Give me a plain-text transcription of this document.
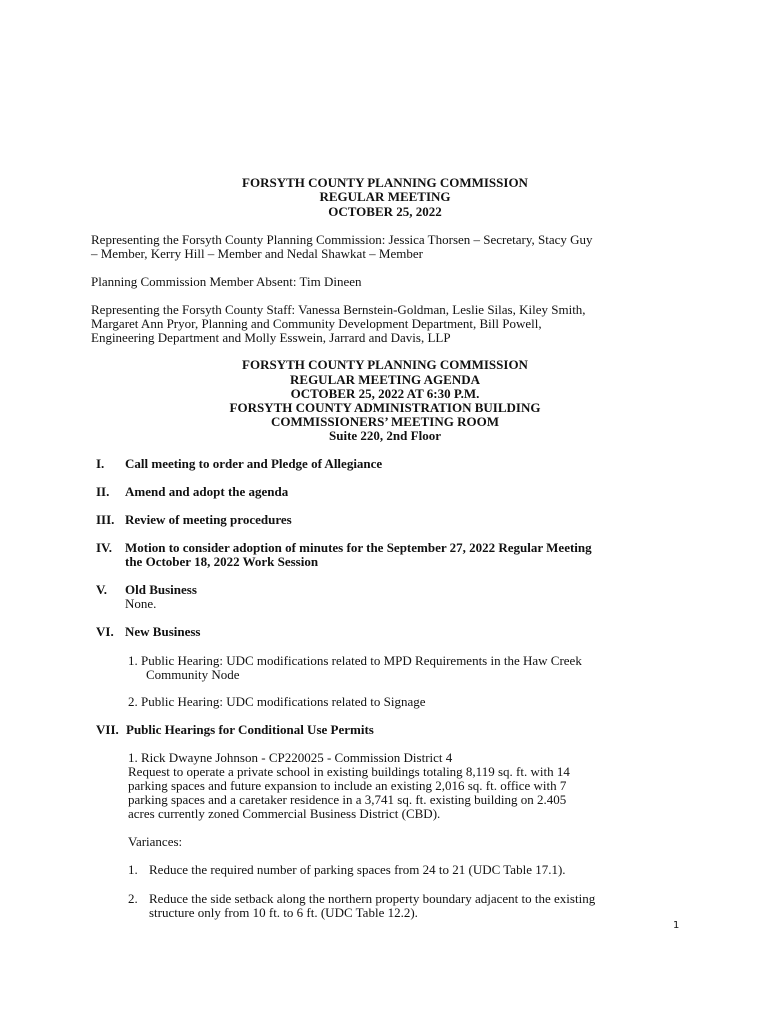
FORSYTH COUNTY PLANNING COMMISSION
REGULAR MEETING
OCTOBER 25, 2022
Representing the Forsyth County Planning Commission: Jessica Thorsen – Secretary, Stacy Guy
– Member, Kerry Hill – Member and Nedal Shawkat – Member
Planning Commission Member Absent: Tim Dineen
Representing the Forsyth County Staff: Vanessa Bernstein-Goldman, Leslie Silas, Kiley Smith,
Margaret Ann Pryor, Planning and Community Development Department, Bill Powell,
Engineering Department and Molly Esswein, Jarrard and Davis, LLP
FORSYTH COUNTY PLANNING COMMISSION
REGULAR MEETING AGENDA
OCTOBER 25, 2022 AT 6:30 P.M.
FORSYTH COUNTY ADMINISTRATION BUILDING
COMMISSIONERS’ MEETING ROOM
Suite 220, 2nd Floor
I. Call meeting to order and Pledge of Allegiance
II. Amend and adopt the agenda
III. Review of meeting procedures
IV. Motion to consider adoption of minutes for the September 27, 2022 Regular Meeting
the October 18, 2022 Work Session
V. Old Business
None.
VI. New Business
1. Public Hearing: UDC modifications related to MPD Requirements in the Haw Creek
Community Node
2. Public Hearing: UDC modifications related to Signage
VII. Public Hearings for Conditional Use Permits
1. Rick Dwayne Johnson - CP220025 - Commission District 4
Request to operate a private school in existing buildings totaling 8,119 sq. ft. with 14
parking spaces and future expansion to include an existing 2,016 sq. ft. office with 7
parking spaces and a caretaker residence in a 3,741 sq. ft. existing building on 2.405
acres currently zoned Commercial Business District (CBD).
Variances:
1. Reduce the required number of parking spaces from 24 to 21 (UDC Table 17.1).
2. Reduce the side setback along the northern property boundary adjacent to the existing
structure only from 10 ft. to 6 ft. (UDC Table 12.2).
1
